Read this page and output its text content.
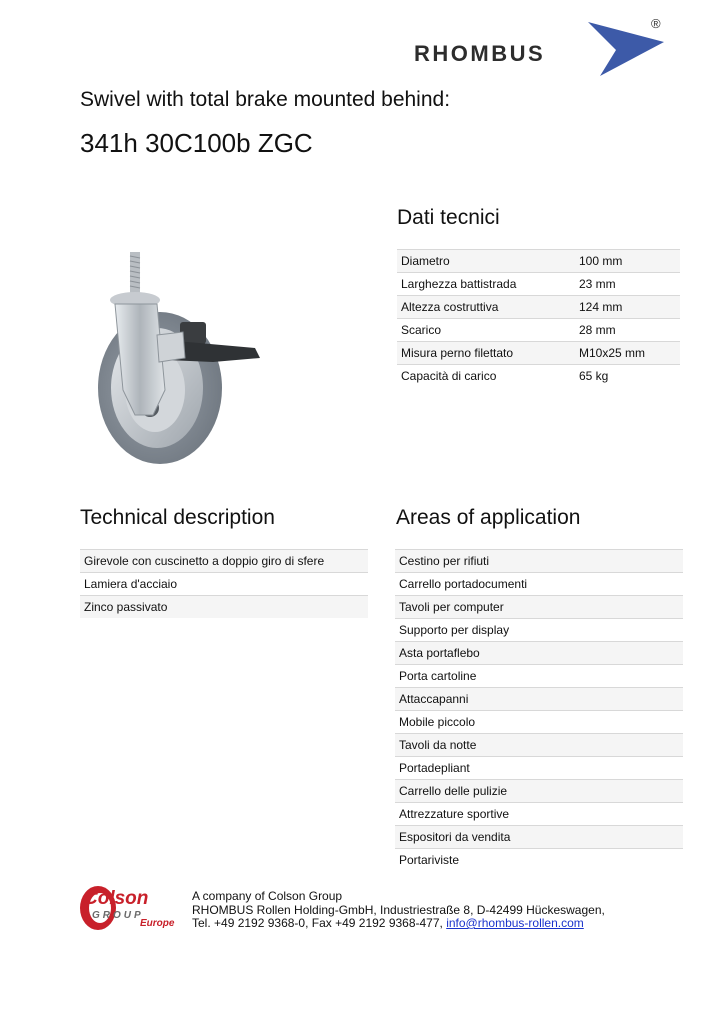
RHOMBUS
®
Swivel with total brake mounted behind:
341h 30C100b ZGC
Dati tecnici
Diametro	100 mm
Larghezza battistrada	23 mm
Altezza costruttiva	124 mm
Scarico	28 mm
Misura perno filettato	M10x25 mm
Capacità di carico	65 kg
Technical description
Girevole con cuscinetto a doppio giro di sfere
Lamiera d'acciaio
Zinco passivato
Areas of application
Cestino per rifiuti
Carrello portadocumenti
Tavoli per computer
Supporto per display
Asta portaflebo
Porta cartoline
Attaccapanni
Mobile piccolo
Tavoli da notte
Portadepliant
Carrello delle pulizie
Attrezzature sportive
Espositori da vendita
Portariviste
Colson
GROUP
Europe
A company of Colson Group
RHOMBUS Rollen Holding-GmbH, Industriestraße 8, D-42499 Hückeswagen,
Tel. +49 2192 9368-0, Fax +49 2192 9368-477, info@rhombus-rollen.com
